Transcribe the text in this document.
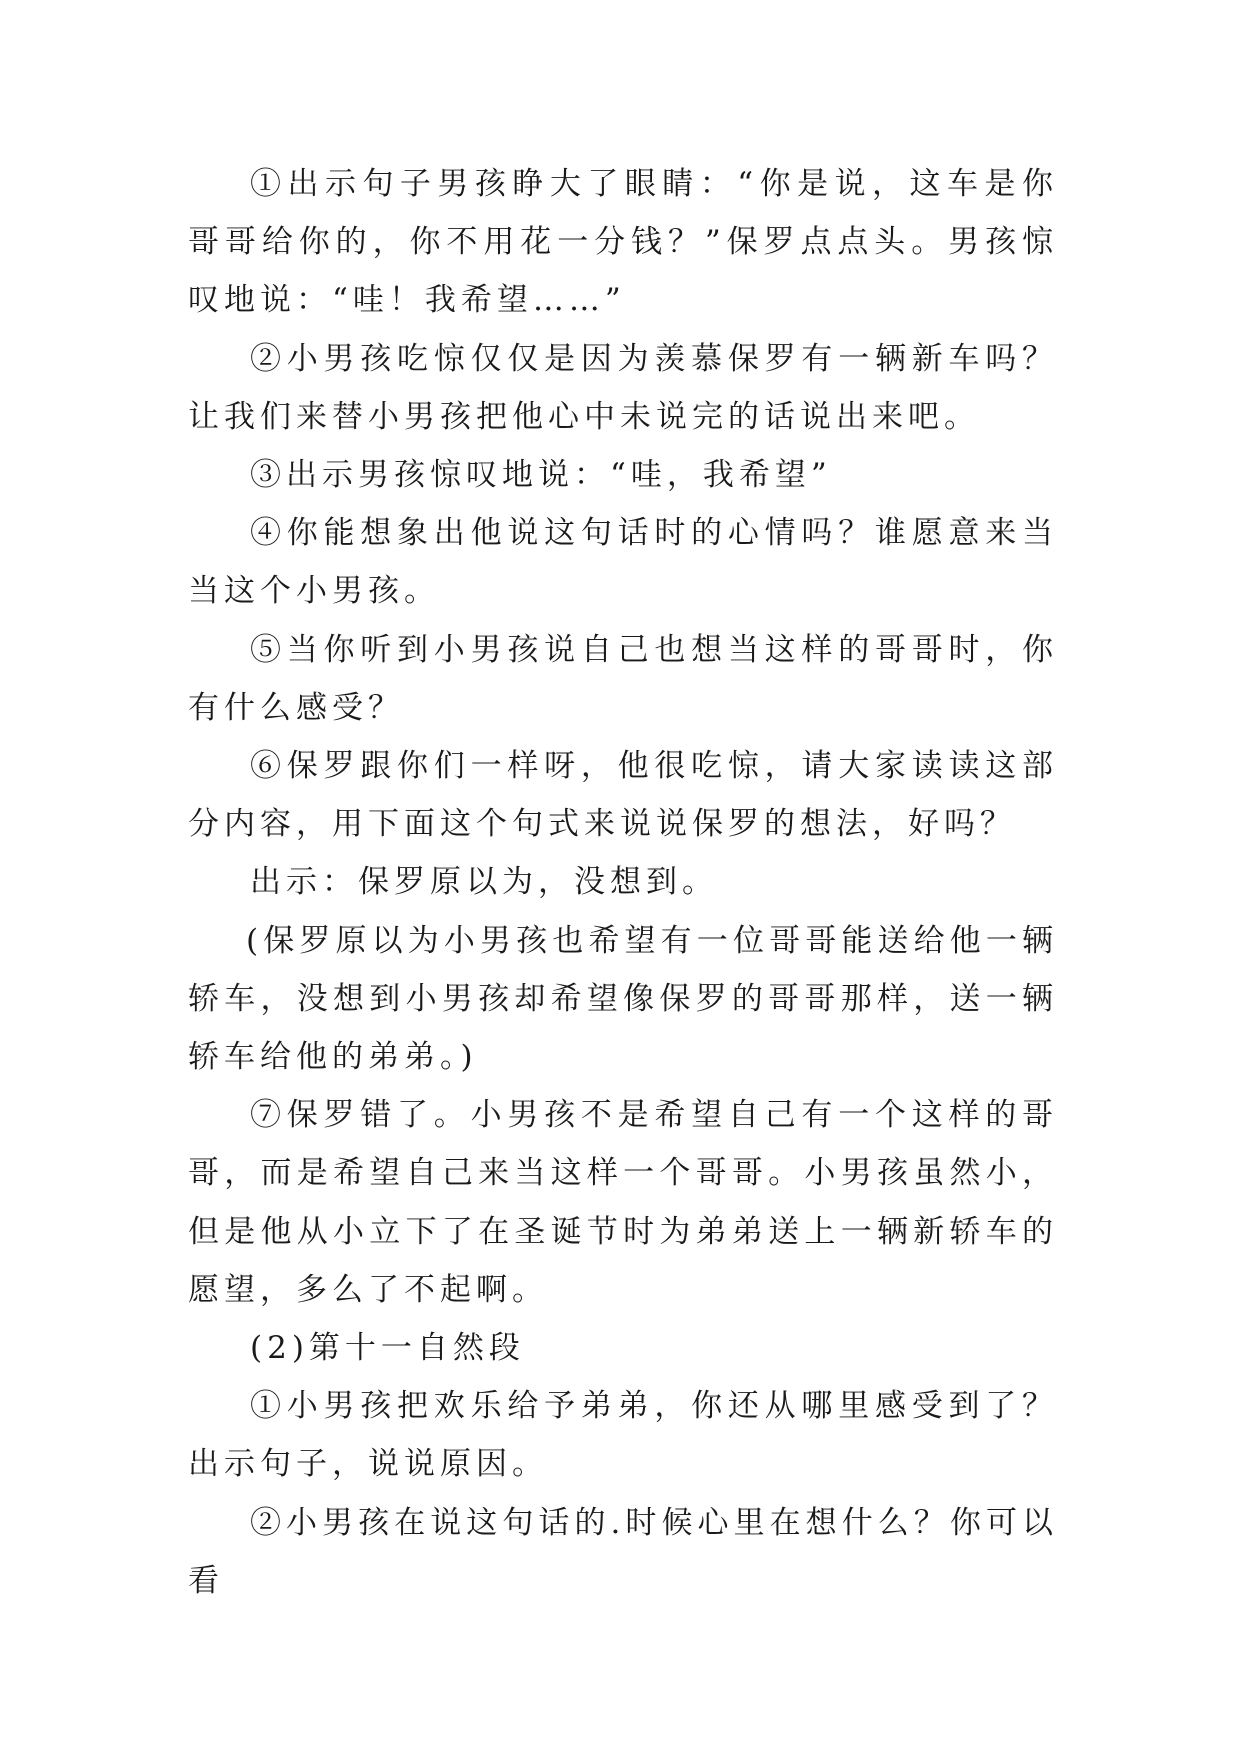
①出示句子男孩睁大了眼睛：“你是说，这车是你哥哥给你的，你不用花一分钱？”保罗点点头。男孩惊叹地说：“哇！我希望……”

②小男孩吃惊仅仅是因为羡慕保罗有一辆新车吗？让我们来替小男孩把他心中未说完的话说出来吧。

③出示男孩惊叹地说：“哇，我希望”

④你能想象出他说这句话时的心情吗？谁愿意来当当这个小男孩。

⑤当你听到小男孩说自己也想当这样的哥哥时，你有什么感受？

⑥保罗跟你们一样呀，他很吃惊，请大家读读这部分内容，用下面这个句式来说说保罗的想法，好吗？

出示：保罗原以为，没想到。

(保罗原以为小男孩也希望有一位哥哥能送给他一辆轿车，没想到小男孩却希望像保罗的哥哥那样，送一辆轿车给他的弟弟。)

⑦保罗错了。小男孩不是希望自己有一个这样的哥哥，而是希望自己来当这样一个哥哥。小男孩虽然小，但是他从小立下了在圣诞节时为弟弟送上一辆新轿车的愿望，多么了不起啊。

(2)第十一自然段

①小男孩把欢乐给予弟弟，你还从哪里感受到了？出示句子，说说原因。

②小男孩在说这句话的.时候心里在想什么？你可以看
